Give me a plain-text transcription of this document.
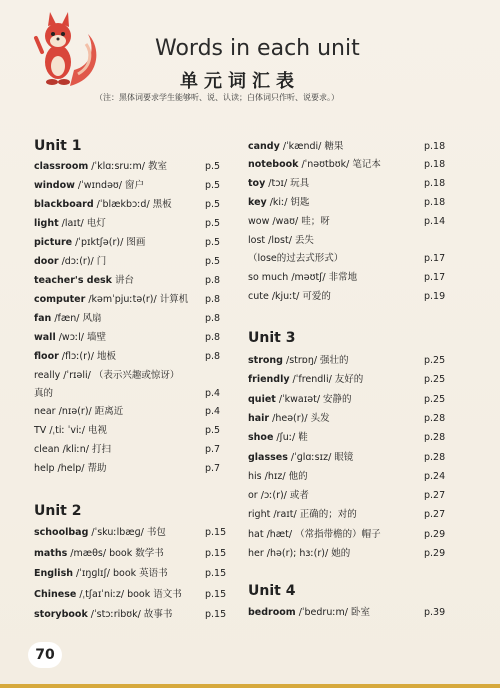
Words in each unit
单元词汇表
（注：黑体词要求学生能够听、说、认读；白体词只作听、说要求。）
Unit 1
classroom /ˈklɑːsruːm/ 教室	p.5
window /ˈwɪndəʊ/ 窗户	p.5
blackboard /ˈblækbɔːd/ 黑板	p.5
light /laɪt/ 电灯	p.5
picture /ˈpɪktʃə(r)/ 图画	p.5
door /dɔː(r)/ 门	p.5
teacher's desk 讲台	p.8
computer /kəmˈpjuːtə(r)/ 计算机 p.8
fan /fæn/ 风扇	p.8
wall /wɔːl/ 墙壁	p.8
floor /flɔː(r)/ 地板	p.8
really /ˈrɪəli/ （表示兴趣或惊讶）
真的	p.4
near /nɪə(r)/ 距离近	p.4
TV /ˌtiː ˈviː/ 电视	p.5
clean /kliːn/ 打扫	p.7
help /help/ 帮助	p.7
Unit 2
schoolbag /ˈskuːlbæɡ/ 书包	p.15
maths /mæθs/ book 数学书	p.15
English /ˈɪŋɡlɪʃ/ book 英语书	p.15
Chinese /ˌtʃaɪˈniːz/ book 语文书 p.15
storybook /ˈstɔːribʊk/ 故事书	p.15
candy /ˈkændi/ 糖果	p.18
notebook /ˈnəʊtbʊk/ 笔记本	p.18
toy /tɔɪ/ 玩具	p.18
key /kiː/ 钥匙	p.18
wow /waʊ/ 哇；呀	p.14
lost /lɒst/ 丢失
（lose的过去式形式）	p.17
so much /məʊtʃ/ 非常地	p.17
cute /kjuːt/ 可爱的	p.19
Unit 3
strong /strɒŋ/ 强壮的	p.25
friendly /ˈfrendli/ 友好的	p.25
quiet /ˈkwaɪət/ 安静的	p.25
hair /heə(r)/ 头发	p.28
shoe /ʃuː/ 鞋	p.28
glasses /ˈɡlɑːsɪz/ 眼镜	p.28
his /hɪz/ 他的	p.24
or /ɔː(r)/ 或者	p.27
right /raɪt/ 正确的；对的	p.27
hat /hæt/ （常指带檐的）帽子	p.29
her /hə(r); hɜː(r)/ 她的	p.29
Unit 4
bedroom /ˈbedruːm/ 卧室	p.39
70
